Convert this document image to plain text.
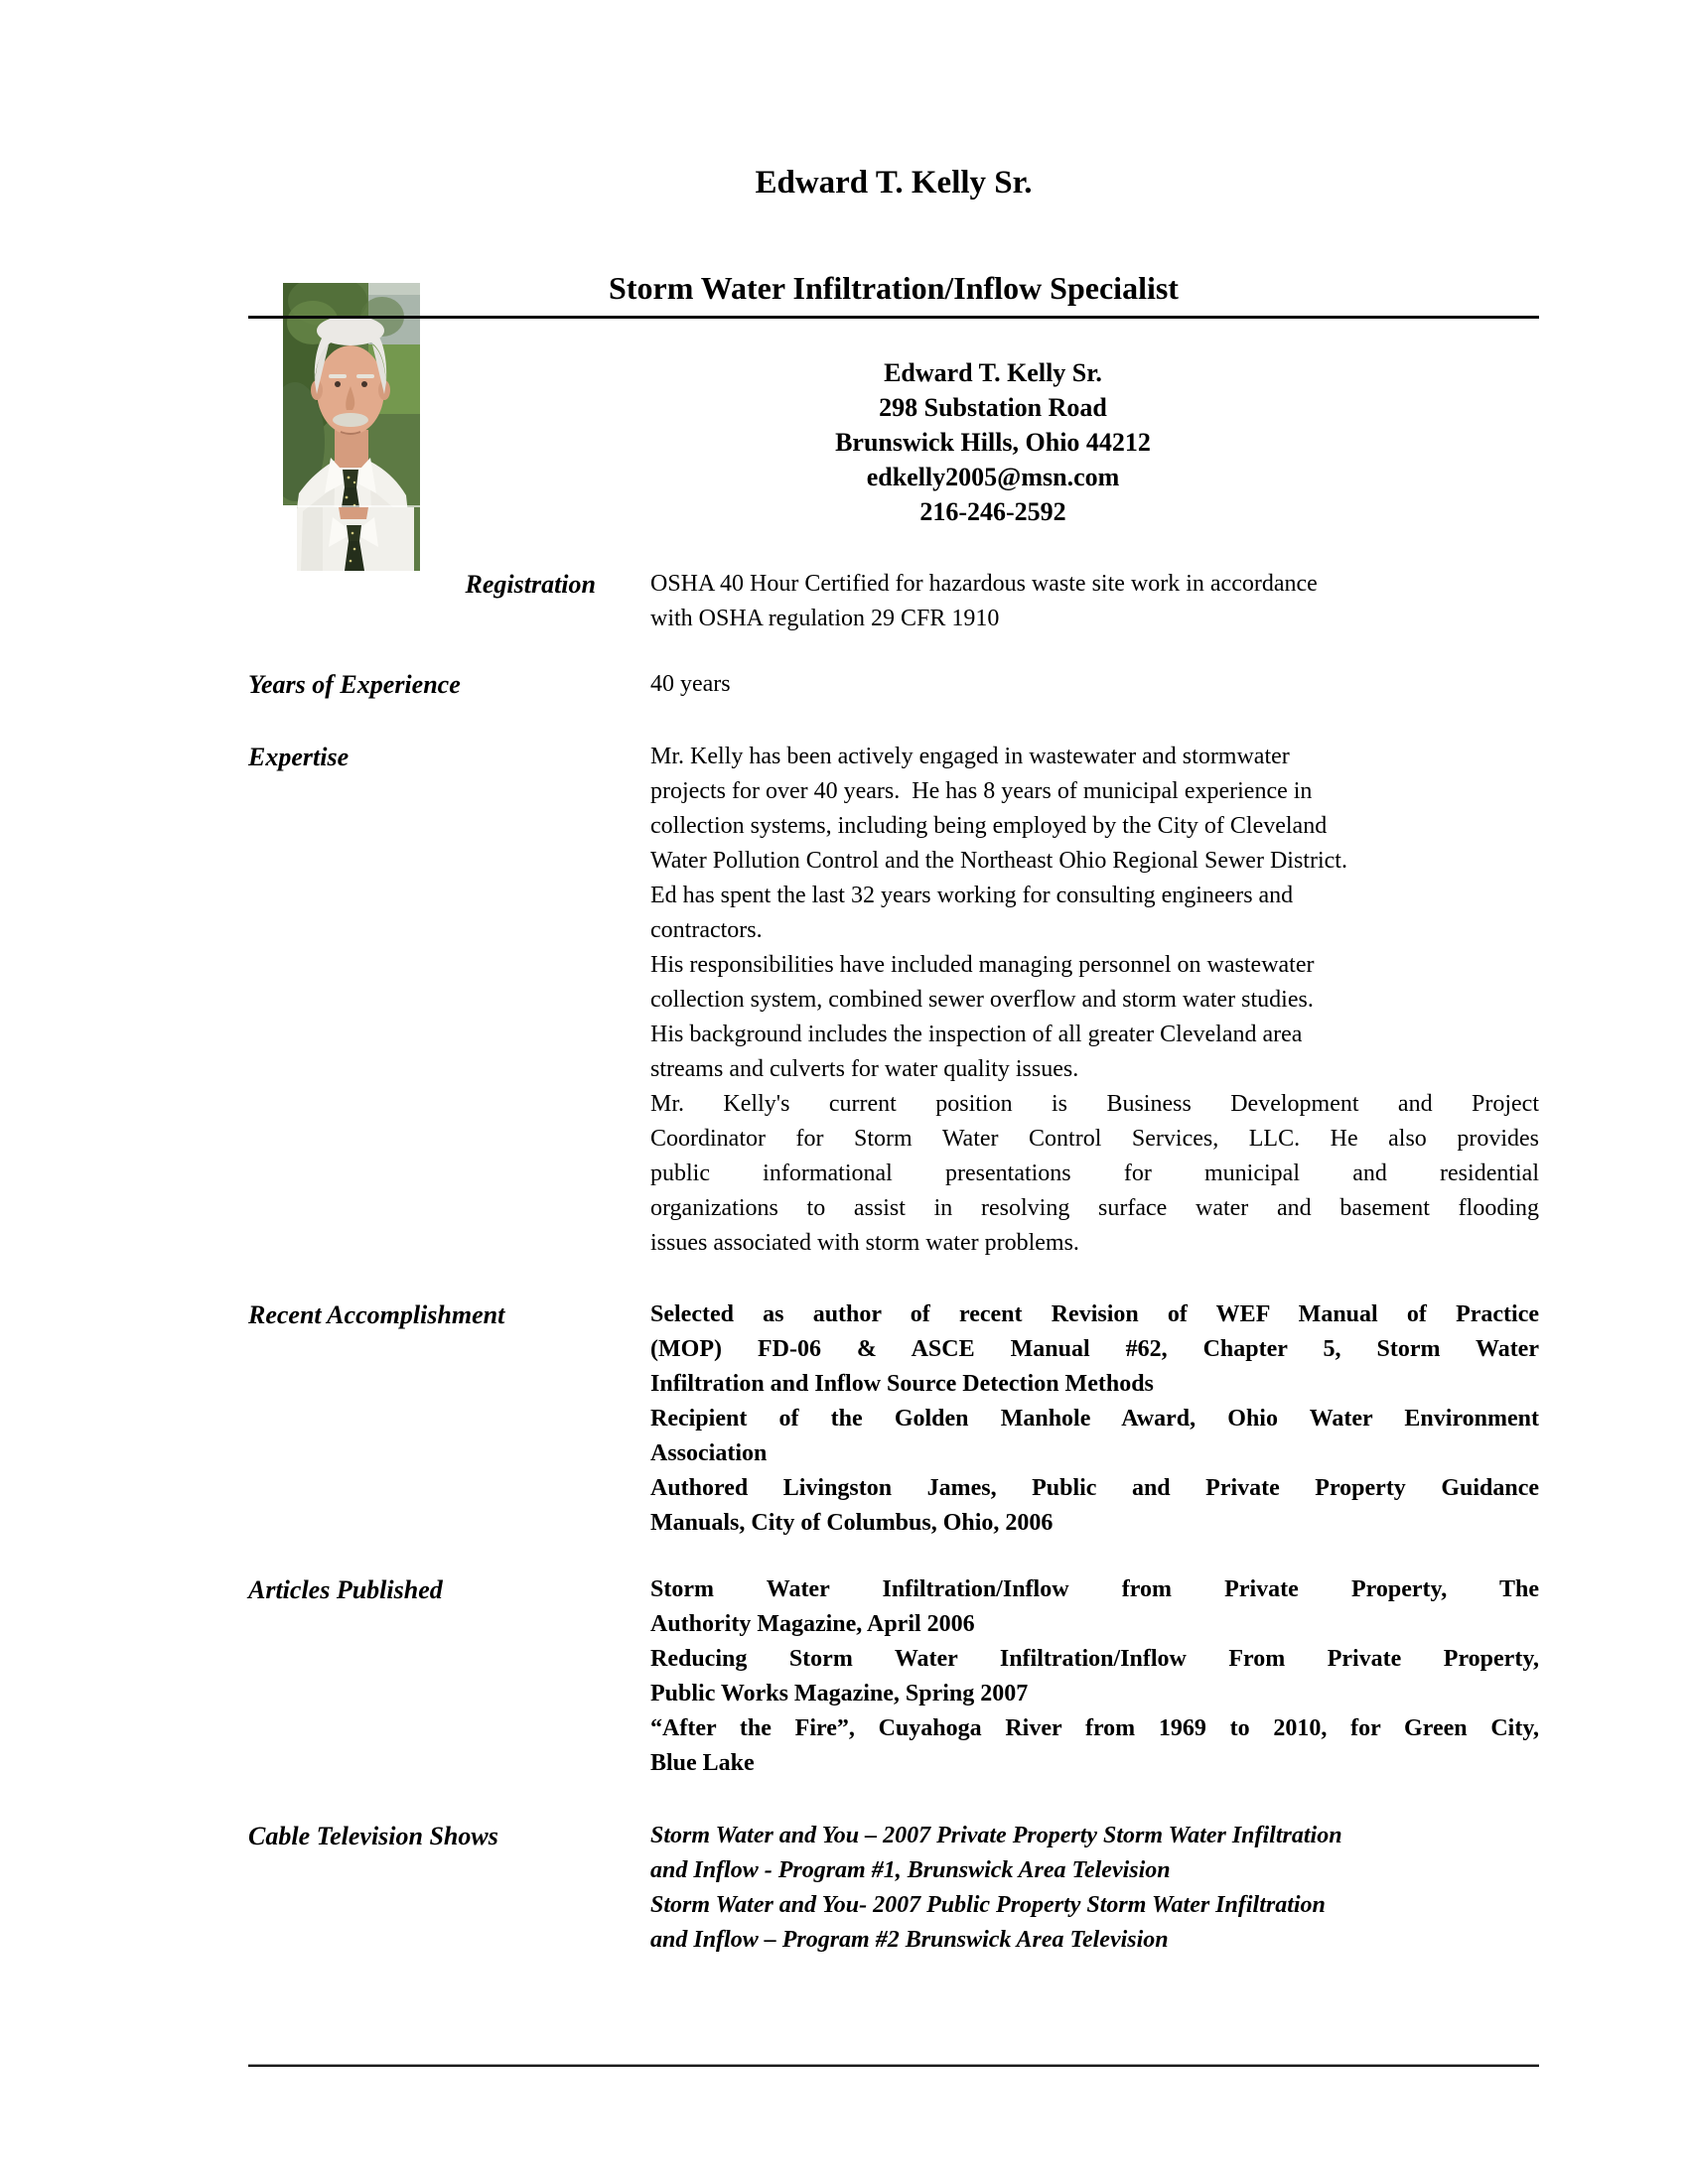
Edward T. Kelly Sr.
Storm Water Infiltration/Inflow Specialist
Edward T. Kelly Sr.
298 Substation Road
Brunswick Hills, Ohio 44212
edkelly2005@msn.com
216-246-2592
Registration OSHA 40 Hour Certified for hazardous waste site work in accordance
with OSHA regulation 29 CFR 1910
Years of Experience	40 years
Expertise	Mr. Kelly has been actively engaged in wastewater and stormwater
projects for over 40 years.  He has 8 years of municipal experience in
collection systems, including being employed by the City of Cleveland
Water Pollution Control and the Northeast Ohio Regional Sewer District.
Ed has spent the last 32 years working for consulting engineers and
contractors.
His responsibilities have included managing personnel on wastewater
collection system, combined sewer overflow and storm water studies.
His background includes the inspection of all greater Cleveland area
streams and culverts for water quality issues.
Mr. Kelly's current position is Business Development and Project
Coordinator for Storm Water Control Services, LLC. He also provides
public informational presentations for municipal and residential
organizations to assist in resolving surface water and basement flooding
issues associated with storm water problems.
Recent Accomplishment	Selected as author of recent Revision of WEF Manual of Practice
(MOP) FD-06 & ASCE Manual #62, Chapter 5, Storm Water
Infiltration and Inflow Source Detection Methods
Recipient of the Golden Manhole Award, Ohio Water Environment
Association
Authored Livingston James, Public and Private Property Guidance
Manuals, City of Columbus, Ohio, 2006
Articles Published	Storm Water Infiltration/Inflow from Private Property, The
Authority Magazine, April 2006
Reducing Storm Water Infiltration/Inflow From Private Property,
Public Works Magazine, Spring 2007
“After the Fire”, Cuyahoga River from 1969 to 2010, for Green City,
Blue Lake
Cable Television Shows	Storm Water and You – 2007 Private Property Storm Water Infiltration
and Inflow - Program #1, Brunswick Area Television
Storm Water and You- 2007 Public Property Storm Water Infiltration
and Inflow – Program #2 Brunswick Area Television
